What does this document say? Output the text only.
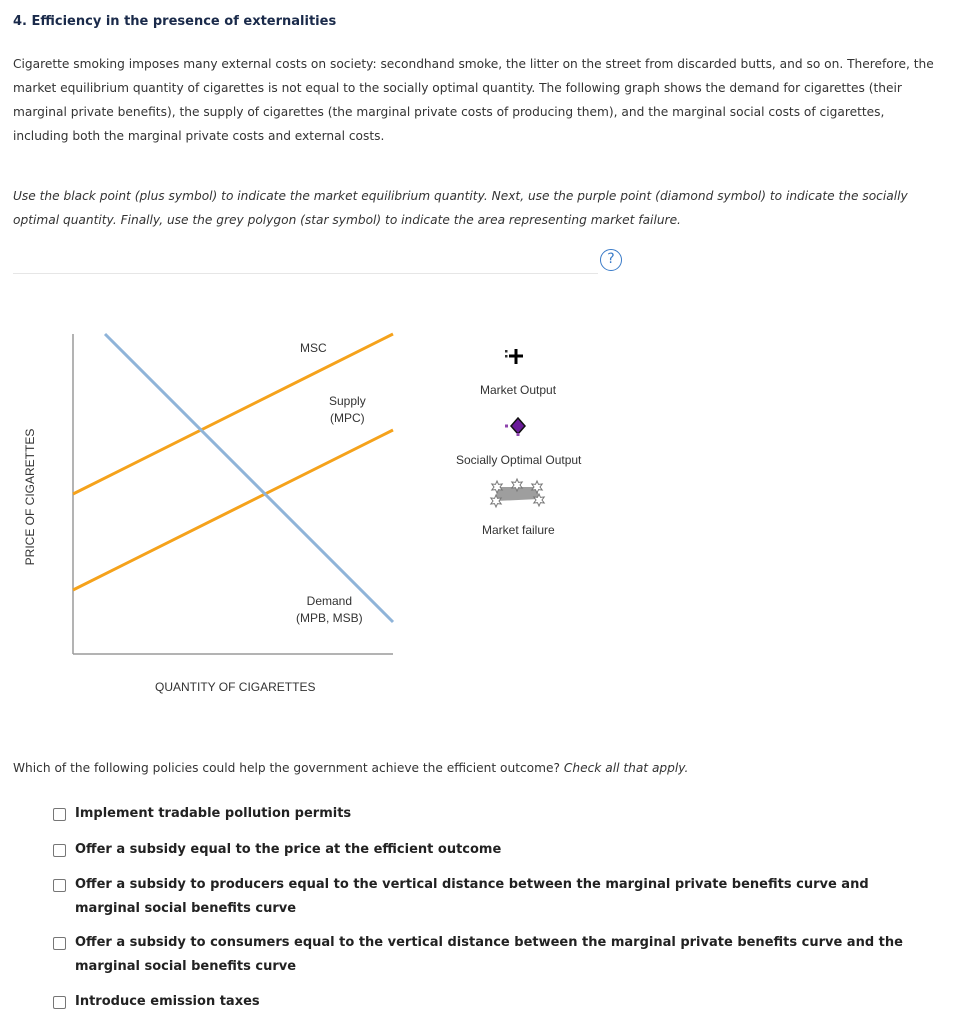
4. Efficiency in the presence of externalities
Cigarette smoking imposes many external costs on society: secondhand smoke, the litter on the street from discarded butts, and so on. Therefore, the market equilibrium quantity of cigarettes is not equal to the socially optimal quantity. The following graph shows the demand for cigarettes (their marginal private benefits), the supply of cigarettes (the marginal private costs of producing them), and the marginal social costs of cigarettes, including both the marginal private costs and external costs.
Use the black point (plus symbol) to indicate the market equilibrium quantity. Next, use the purple point (diamond symbol) to indicate the socially optimal quantity. Finally, use the grey polygon (star symbol) to indicate the area representing market failure.
?
PRICE OF CIGARETTES
QUANTITY OF CIGARETTES
MSC
Supply
(MPC)
Demand
(MPB, MSB)
Market Output
Socially Optimal Output
Market failure
Which of the following policies could help the government achieve the efficient outcome? Check all that apply.
Implement tradable pollution permits
Offer a subsidy equal to the price at the efficient outcome
Offer a subsidy to producers equal to the vertical distance between the marginal private benefits curve and marginal social benefits curve
Offer a subsidy to consumers equal to the vertical distance between the marginal private benefits curve and the marginal social benefits curve
Introduce emission taxes
